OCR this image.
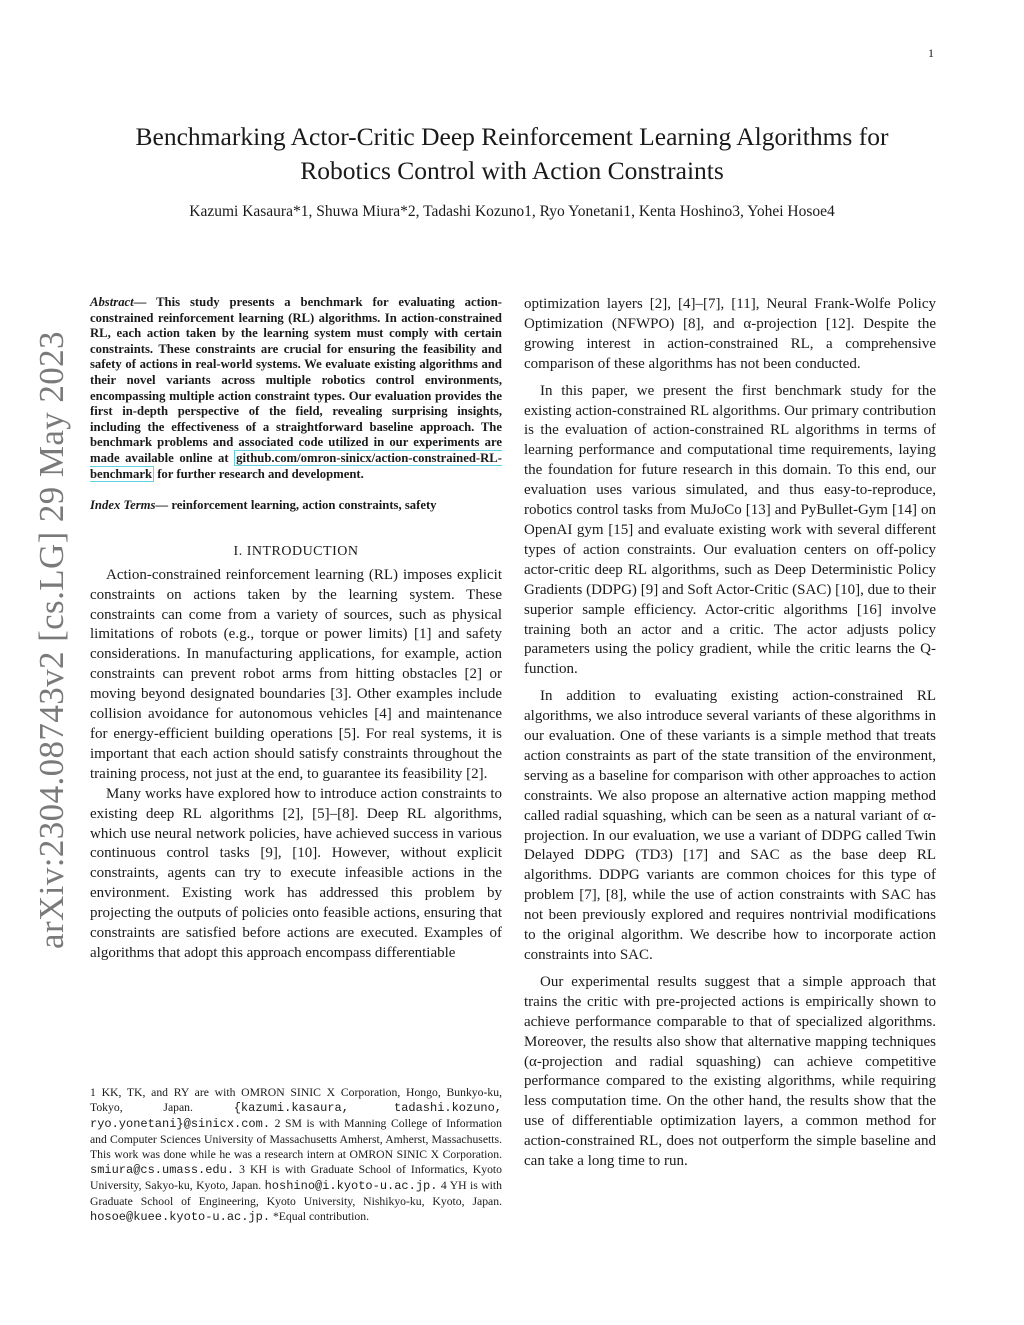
1
arXiv:2304.08743v2 [cs.LG] 29 May 2023
Benchmarking Actor-Critic Deep Reinforcement Learning Algorithms for
Robotics Control with Action Constraints
Kazumi Kasaura*1, Shuwa Miura*2, Tadashi Kozuno1, Ryo Yonetani1, Kenta Hoshino3, Yohei Hosoe4
Abstract— This study presents a benchmark for evaluating action-constrained reinforcement learning (RL) algorithms. In action-constrained RL, each action taken by the learning system must comply with certain constraints. These constraints are crucial for ensuring the feasibility and safety of actions in real-world systems. We evaluate existing algorithms and their novel variants across multiple robotics control environments, encompassing multiple action constraint types. Our evaluation provides the first in-depth perspective of the field, revealing surprising insights, including the effectiveness of a straightforward baseline approach. The benchmark problems and associated code utilized in our experiments are made available online at github.com/omron-sinicx/action-constrained-RL-benchmark for further research and development.
Index Terms— reinforcement learning, action constraints, safety
I. INTRODUCTION

Action-constrained reinforcement learning (RL) imposes explicit constraints on actions taken by the learning system. These constraints can come from a variety of sources, such as physical limitations of robots (e.g., torque or power limits) [1] and safety considerations. In manufacturing applications, for example, action constraints can prevent robot arms from hitting obstacles [2] or moving beyond designated boundaries [3]. Other examples include collision avoidance for autonomous vehicles [4] and maintenance for energy-efficient building operations [5]. For real systems, it is important that each action should satisfy constraints throughout the training process, not just at the end, to guarantee its feasibility [2].

Many works have explored how to introduce action constraints to existing deep RL algorithms [2], [5]–[8]. Deep RL algorithms, which use neural network policies, have achieved success in various continuous control tasks [9], [10]. However, without explicit constraints, agents can try to execute infeasible actions in the environment. Existing work has addressed this problem by projecting the outputs of policies onto feasible actions, ensuring that constraints are satisfied before actions are executed. Examples of algorithms that adopt this approach encompass differentiable

optimization layers [2], [4]–[7], [11], Neural Frank-Wolfe Policy Optimization (NFWPO) [8], and α-projection [12]. Despite the growing interest in action-constrained RL, a comprehensive comparison of these algorithms has not been conducted.

In this paper, we present the first benchmark study for the existing action-constrained RL algorithms. Our primary contribution is the evaluation of action-constrained RL algorithms in terms of learning performance and computational time requirements, laying the foundation for future research in this domain. To this end, our evaluation uses various simulated, and thus easy-to-reproduce, robotics control tasks from MuJoCo [13] and PyBullet-Gym [14] on OpenAI gym [15] and evaluate existing work with several different types of action constraints. Our evaluation centers on off-policy actor-critic deep RL algorithms, such as Deep Deterministic Policy Gradients (DDPG) [9] and Soft Actor-Critic (SAC) [10], due to their superior sample efficiency. Actor-critic algorithms [16] involve training both an actor and a critic. The actor adjusts policy parameters using the policy gradient, while the critic learns the Q-function.

In addition to evaluating existing action-constrained RL algorithms, we also introduce several variants of these algorithms in our evaluation. One of these variants is a simple method that treats action constraints as part of the state transition of the environment, serving as a baseline for comparison with other approaches to action constraints. We also propose an alternative action mapping method called radial squashing, which can be seen as a natural variant of α-projection. In our evaluation, we use a variant of DDPG called Twin Delayed DDPG (TD3) [17] and SAC as the base deep RL algorithms. DDPG variants are common choices for this type of problem [7], [8], while the use of action constraints with SAC has not been previously explored and requires nontrivial modifications to the original algorithm. We describe how to incorporate action constraints into SAC.

Our experimental results suggest that a simple approach that trains the critic with pre-projected actions is empirically shown to achieve performance comparable to that of specialized algorithms. Moreover, the results also show that alternative mapping techniques (α-projection and radial squashing) can achieve competitive performance compared to the existing algorithms, while requiring less computation time. On the other hand, the results show that the use of differentiable optimization layers, a common method for action-constrained RL, does not outperform the simple baseline and can take a long time to run.

1 KK, TK, and RY are with OMRON SINIC X Corporation, Hongo, Bunkyo-ku, Tokyo, Japan.	{kazumi.kasaura, tadashi.kozuno, ryo.yonetani}@sinicx.com. 2 SM is with Manning College of Information and Computer Sciences University of Massachusetts Amherst, Amherst, Massachusetts. This work was done while he was a research intern at OMRON SINIC X Corporation. smiura@cs.umass.edu. 3 KH is with Graduate School of Informatics, Kyoto University, Sakyo-ku, Kyoto, Japan. hoshino@i.kyoto-u.ac.jp. 4 YH is with Graduate School of Engineering, Kyoto University, Nishikyo-ku, Kyoto, Japan. hosoe@kuee.kyoto-u.ac.jp. *Equal contribution.
